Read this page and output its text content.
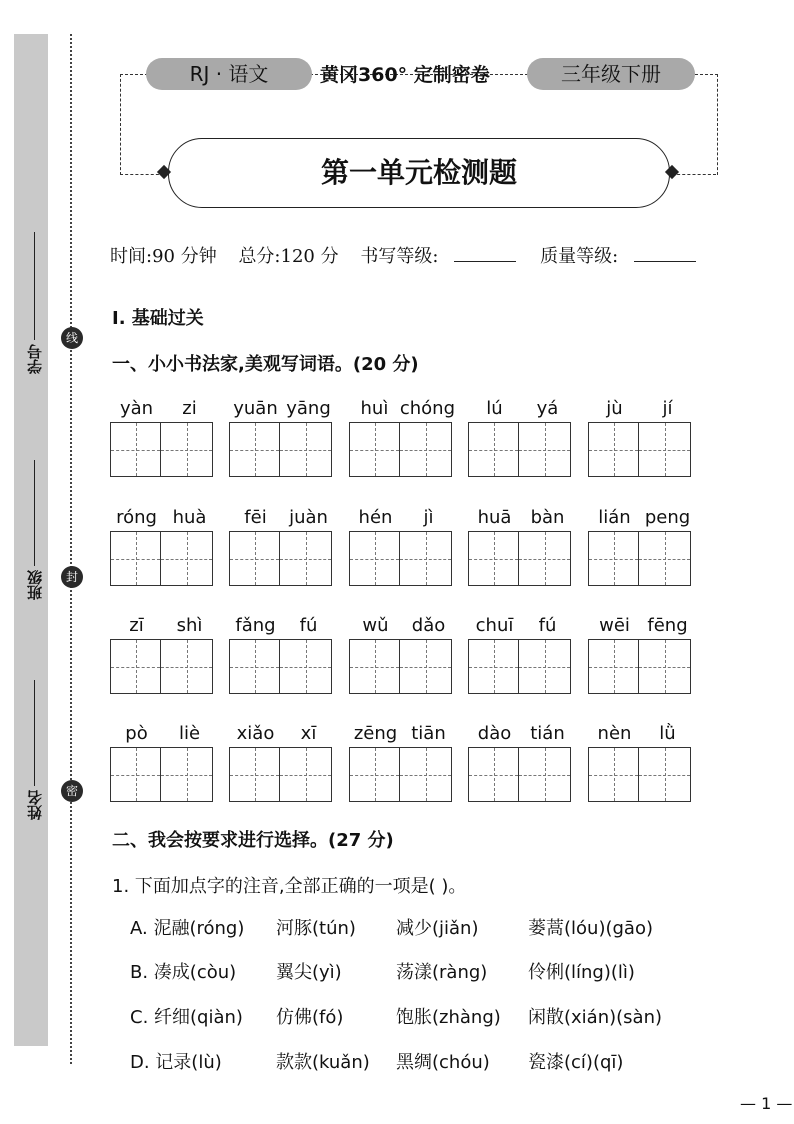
线
封
密
学号
班级
姓名
RJ · 语文	黄冈360° 定制密卷	三年级下册
第一单元检测题
时间:90 分钟 总分:120 分 书写等级:	质量等级:
Ⅰ. 基础过关
一、小小书法家,美观写词语。(20 分)
yàn	zi	yuān yāng	huì chóng	lú	yá	jù	jí
róng huà	fēi	juàn	hén	jì	huā	bàn	lián peng
zī	shì	fǎng	fú	wǔ	dǎo	chuī	fú	wēi fēng
pò	liè	xiǎo	xī	zēng tiān	dào	tián	nèn	lǜ
二、我会按要求进行选择。(27 分)
1. 下面加点字的注音,全部正确的一项是( )。
A. 泥融(róng) 河豚(tún) 减少(jiǎn)	蒌蒿(lóu)(gāo)
B. 凑成(còu) 翼尖(yì)	荡漾(ràng) 伶俐(líng)(lì)
C. 纤细(qiàn) 仿佛(fó)	饱胀(zhàng) 闲散(xián)(sàn)
D. 记录(lù)	款款(kuǎn) 黑绸(chóu) 瓷漆(cí)(qī)
— 1 —
